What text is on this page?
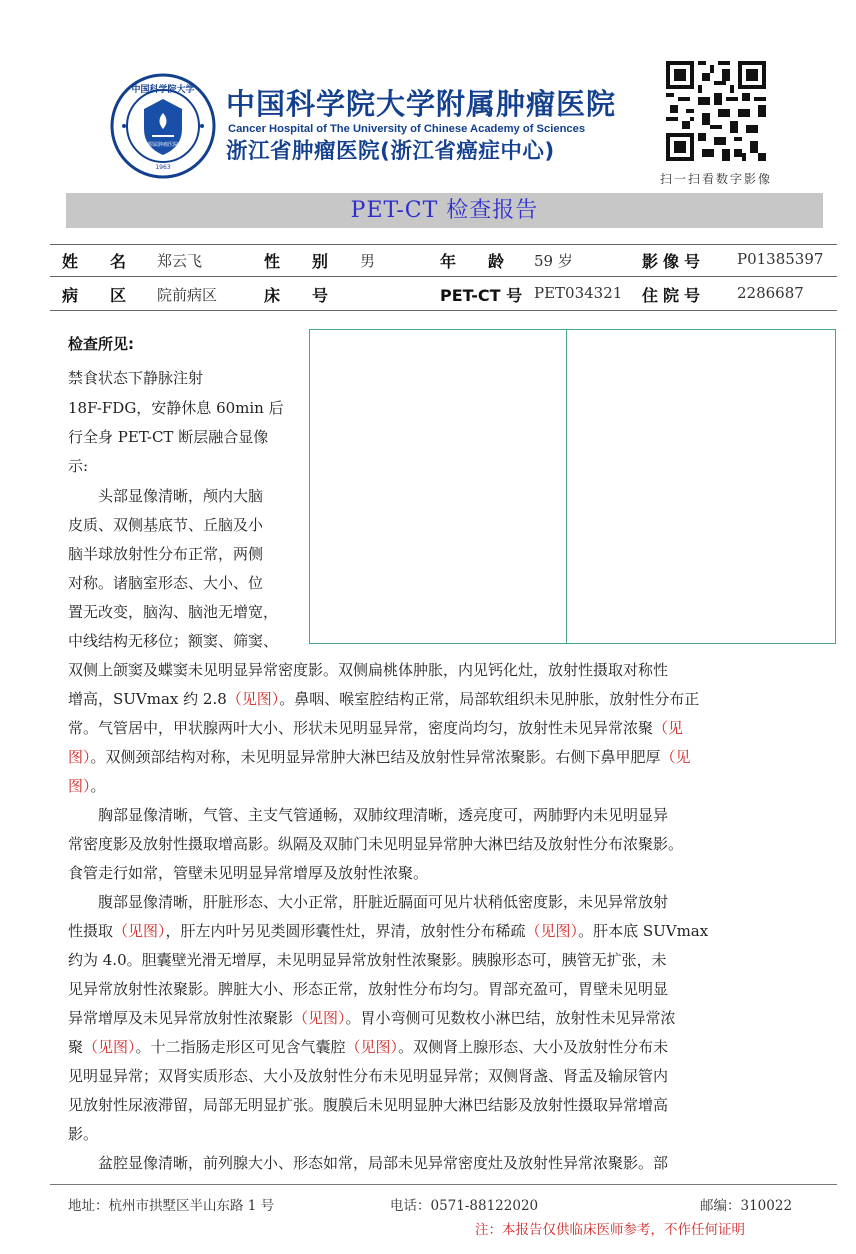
中国科学院大学
附属肿瘤医院
1963
中国科学院大学附属肿瘤医院
Cancer Hospital of The University of Chinese Academy of Sciences
浙江省肿瘤医院(浙江省癌症中心)
扫一扫看数字影像
PET-CT 检查报告
姓　　名 郑云飞	性　　别 男	年　　龄 59 岁	影像号 P01385397
病　　区 院前病区	床　　号	PET-CT 号 PET034321 住院号 2286687
检查所见:
禁食状态下静脉注射
18F-FDG，安静休息 60min 后
行全身 PET-CT 断层融合显像
示:
　　头部显像清晰，颅内大脑
皮质、双侧基底节、丘脑及小
脑半球放射性分布正常，两侧
对称。诸脑室形态、大小、位
置无改变，脑沟、脑池无增宽，
中线结构无移位；额窦、筛窦、
双侧上颌窦及蝶窦未见明显异常密度影。双侧扁桃体肿胀，内见钙化灶，放射性摄取对称性
增高，SUVmax 约 2.8（见图）。鼻咽、喉室腔结构正常，局部软组织未见肿胀，放射性分布正
常。气管居中，甲状腺两叶大小、形状未见明显异常，密度尚均匀，放射性未见异常浓聚（见
图）。双侧颈部结构对称，未见明显异常肿大淋巴结及放射性异常浓聚影。右侧下鼻甲肥厚（见
图）。
　　胸部显像清晰，气管、主支气管通畅，双肺纹理清晰，透亮度可，两肺野内未见明显异
常密度影及放射性摄取增高影。纵隔及双肺门未见明显异常肿大淋巴结及放射性分布浓聚影。
食管走行如常，管壁未见明显异常增厚及放射性浓聚。
　　腹部显像清晰，肝脏形态、大小正常，肝脏近膈面可见片状稍低密度影，未见异常放射
性摄取（见图），肝左内叶另见类圆形囊性灶，界清，放射性分布稀疏（见图）。肝本底 SUVmax
约为 4.0。胆囊壁光滑无增厚，未见明显异常放射性浓聚影。胰腺形态可，胰管无扩张，未
见异常放射性浓聚影。脾脏大小、形态正常，放射性分布均匀。胃部充盈可，胃壁未见明显
异常增厚及未见异常放射性浓聚影（见图）。胃小弯侧可见数枚小淋巴结，放射性未见异常浓
聚（见图）。十二指肠走形区可见含气囊腔（见图）。双侧肾上腺形态、大小及放射性分布未
见明显异常；双肾实质形态、大小及放射性分布未见明显异常；双侧肾盏、肾盂及输尿管内
见放射性尿液滞留，局部无明显扩张。腹膜后未见明显肿大淋巴结影及放射性摄取异常增高
影。
　　盆腔显像清晰，前列腺大小、形态如常，局部未见异常密度灶及放射性异常浓聚影。部
地址：杭州市拱墅区半山东路 1 号	电话：0571-88122020	邮编：310022
注：本报告仅供临床医师参考，不作任何证明
